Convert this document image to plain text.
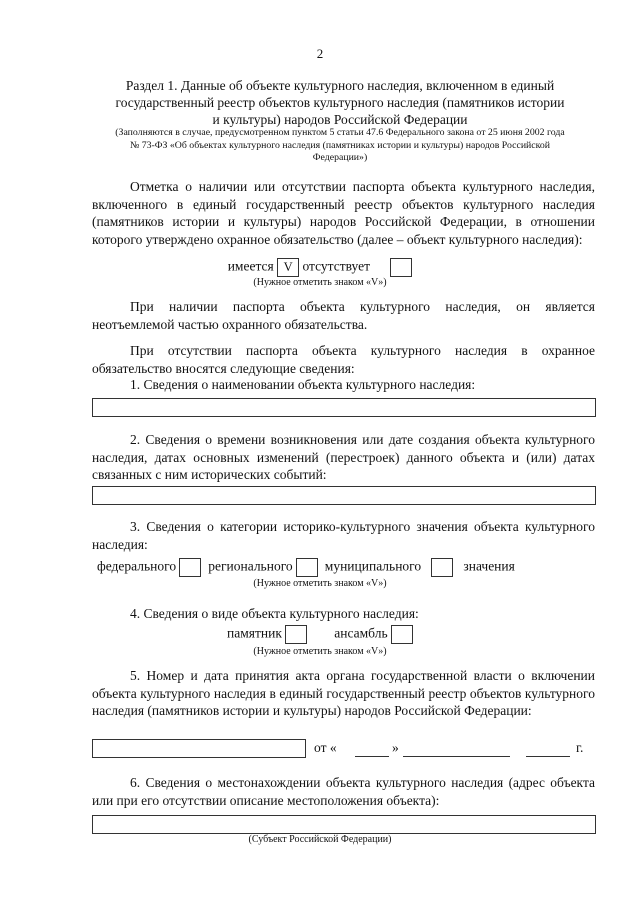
2
Раздел 1. Данные об объекте культурного наследия, включенном в единый
государственный реестр объектов культурного наследия (памятников истории
и культуры) народов Российской Федерации
(Заполняются в случае, предусмотренном пунктом 5 статьи 47.6 Федерального закона от 25 июня 2002 года
№ 73-ФЗ «Об объектах культурного наследия (памятниках истории и культуры) народов Российской
Федерации»)
Отметка о наличии или отсутствии паспорта объекта культурного наследия, включенного в единый государственный реестр объектов культурного наследия (памятников истории и культуры) народов Российской Федерации, в отношении которого утверждено охранное обязательство (далее – объект культурного наследия):
имеется V отсутствует
(Нужное отметить знаком «V»)
При наличии паспорта объекта культурного наследия, он является неотъемлемой частью охранного обязательства.
При отсутствии паспорта объекта культурного наследия в охранное обязательство вносятся следующие сведения:
1. Сведения о наименовании объекта культурного наследия:
2. Сведения о времени возникновения или дате создания объекта культурного наследия, датах основных изменений (перестроек) данного объекта и (или) датах связанных с ним исторических событий:
3. Сведения о категории историко-культурного значения объекта культурного наследия:
федерального регионального муниципального	значения
(Нужное отметить знаком «V»)
4. Сведения о виде объекта культурного наследия:
памятник	ансамбль
(Нужное отметить знаком «V»)
5. Номер и дата принятия акта органа государственной власти о включении объекта культурного наследия в единый государственный реестр объектов культурного наследия (памятников истории и культуры) народов Российской Федерации:
от «	»	г.
6. Сведения о местонахождении объекта культурного наследия (адрес объекта или при его отсутствии описание местоположения объекта):
(Субъект Российской Федерации)
